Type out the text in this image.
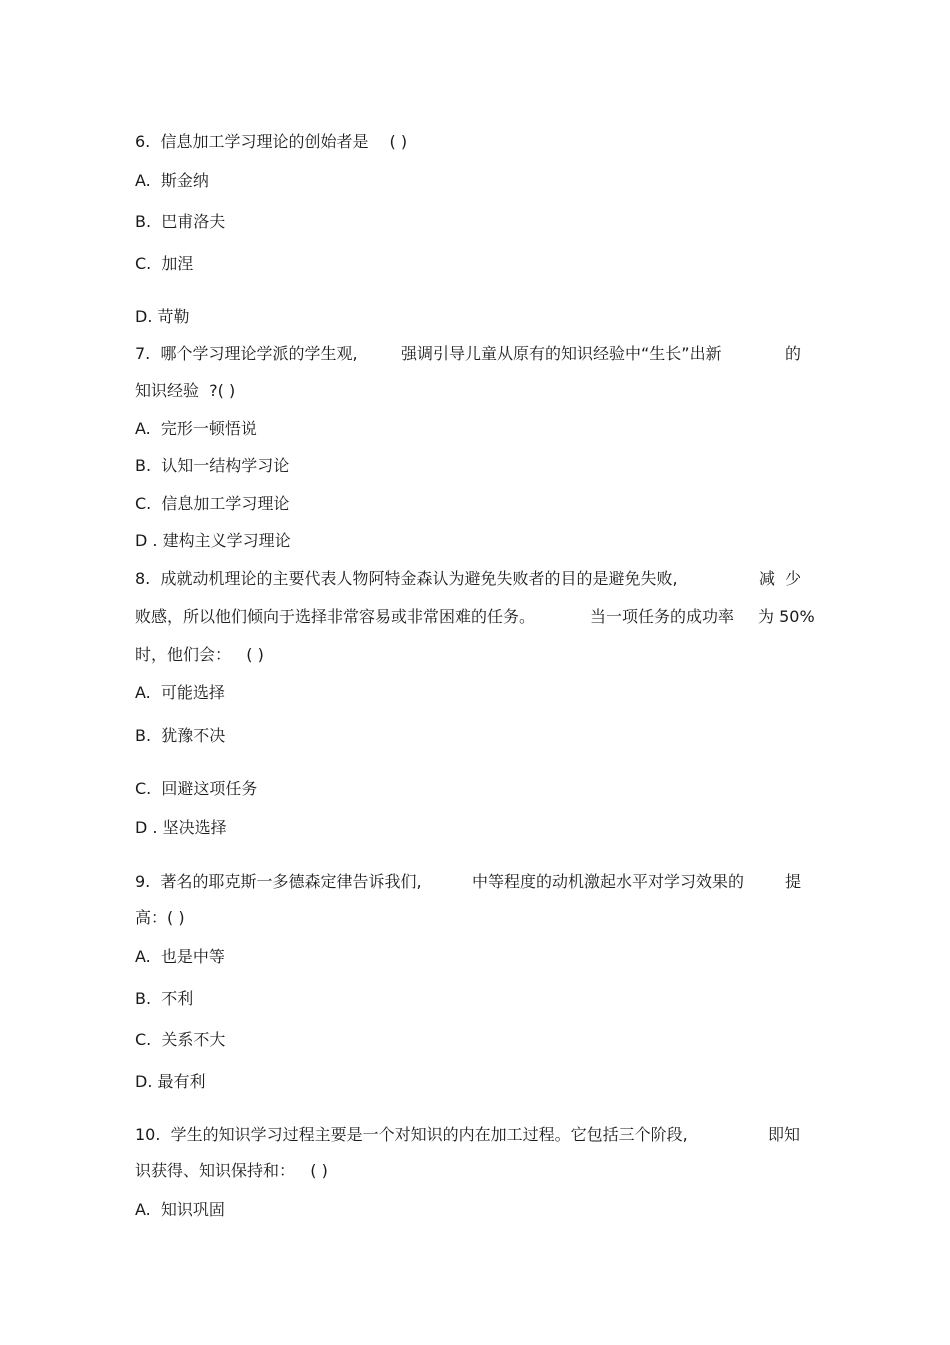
6.  信息加工学习理论的创始者是　 ( )
A.  斯金纳
B.  巴甫洛夫
C.  加涅
D. 苛勒
7.  哪个学习理论学派的学生观,	强调引导儿童从原有的知识经验中“生长”出新	的
知识经验  ?( )
A.  完形一顿悟说
B.  认知一结构学习论
C.  信息加工学习理论
D . 建构主义学习理论
8.  成就动机理论的主要代表人物阿特金森认为避免失败者的目的是避免失败,	减  少
败感，所以他们倾向于选择非常容易或非常困难的任务。	当一项任务的成功率 为 50%
时，他们会：   ( )
A.  可能选择
B.  犹豫不决
C.  回避这项任务
D . 坚决选择
9.  著名的耶克斯一多德森定律告诉我们,	中等程度的动机激起水平对学习效果的	提
高：( )
A.  也是中等
B.  不利
C.  关系不大
D. 最有利
10.  学生的知识学习过程主要是一个对知识的内在加工过程。它包括三个阶段,	即知
识获得、知识保持和：   ( )
A.  知识巩固
